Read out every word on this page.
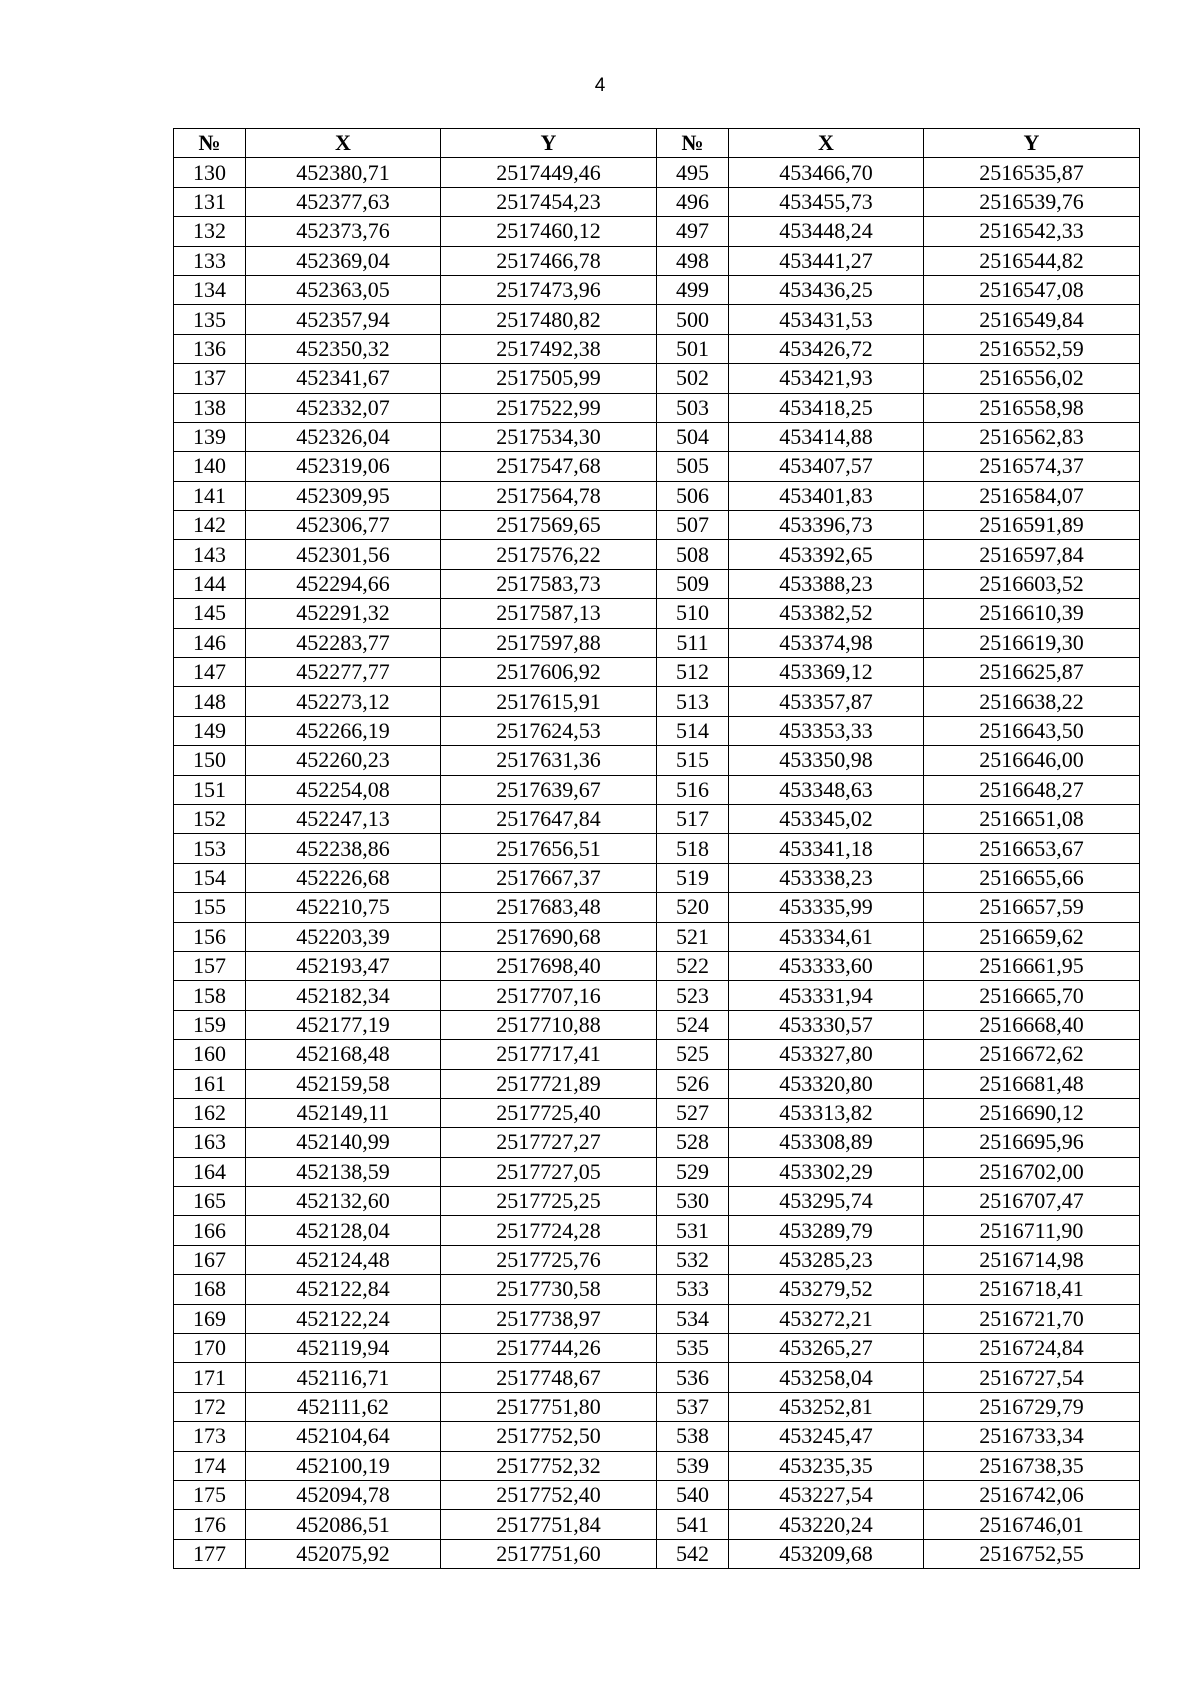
4
№	X	Y	№	X	Y
130	452380,71	2517449,46	495	453466,70	2516535,87
131	452377,63	2517454,23	496	453455,73	2516539,76
132	452373,76	2517460,12	497	453448,24	2516542,33
133	452369,04	2517466,78	498	453441,27	2516544,82
134	452363,05	2517473,96	499	453436,25	2516547,08
135	452357,94	2517480,82	500	453431,53	2516549,84
136	452350,32	2517492,38	501	453426,72	2516552,59
137	452341,67	2517505,99	502	453421,93	2516556,02
138	452332,07	2517522,99	503	453418,25	2516558,98
139	452326,04	2517534,30	504	453414,88	2516562,83
140	452319,06	2517547,68	505	453407,57	2516574,37
141	452309,95	2517564,78	506	453401,83	2516584,07
142	452306,77	2517569,65	507	453396,73	2516591,89
143	452301,56	2517576,22	508	453392,65	2516597,84
144	452294,66	2517583,73	509	453388,23	2516603,52
145	452291,32	2517587,13	510	453382,52	2516610,39
146	452283,77	2517597,88	511	453374,98	2516619,30
147	452277,77	2517606,92	512	453369,12	2516625,87
148	452273,12	2517615,91	513	453357,87	2516638,22
149	452266,19	2517624,53	514	453353,33	2516643,50
150	452260,23	2517631,36	515	453350,98	2516646,00
151	452254,08	2517639,67	516	453348,63	2516648,27
152	452247,13	2517647,84	517	453345,02	2516651,08
153	452238,86	2517656,51	518	453341,18	2516653,67
154	452226,68	2517667,37	519	453338,23	2516655,66
155	452210,75	2517683,48	520	453335,99	2516657,59
156	452203,39	2517690,68	521	453334,61	2516659,62
157	452193,47	2517698,40	522	453333,60	2516661,95
158	452182,34	2517707,16	523	453331,94	2516665,70
159	452177,19	2517710,88	524	453330,57	2516668,40
160	452168,48	2517717,41	525	453327,80	2516672,62
161	452159,58	2517721,89	526	453320,80	2516681,48
162	452149,11	2517725,40	527	453313,82	2516690,12
163	452140,99	2517727,27	528	453308,89	2516695,96
164	452138,59	2517727,05	529	453302,29	2516702,00
165	452132,60	2517725,25	530	453295,74	2516707,47
166	452128,04	2517724,28	531	453289,79	2516711,90
167	452124,48	2517725,76	532	453285,23	2516714,98
168	452122,84	2517730,58	533	453279,52	2516718,41
169	452122,24	2517738,97	534	453272,21	2516721,70
170	452119,94	2517744,26	535	453265,27	2516724,84
171	452116,71	2517748,67	536	453258,04	2516727,54
172	452111,62	2517751,80	537	453252,81	2516729,79
173	452104,64	2517752,50	538	453245,47	2516733,34
174	452100,19	2517752,32	539	453235,35	2516738,35
175	452094,78	2517752,40	540	453227,54	2516742,06
176	452086,51	2517751,84	541	453220,24	2516746,01
177	452075,92	2517751,60	542	453209,68	2516752,55
